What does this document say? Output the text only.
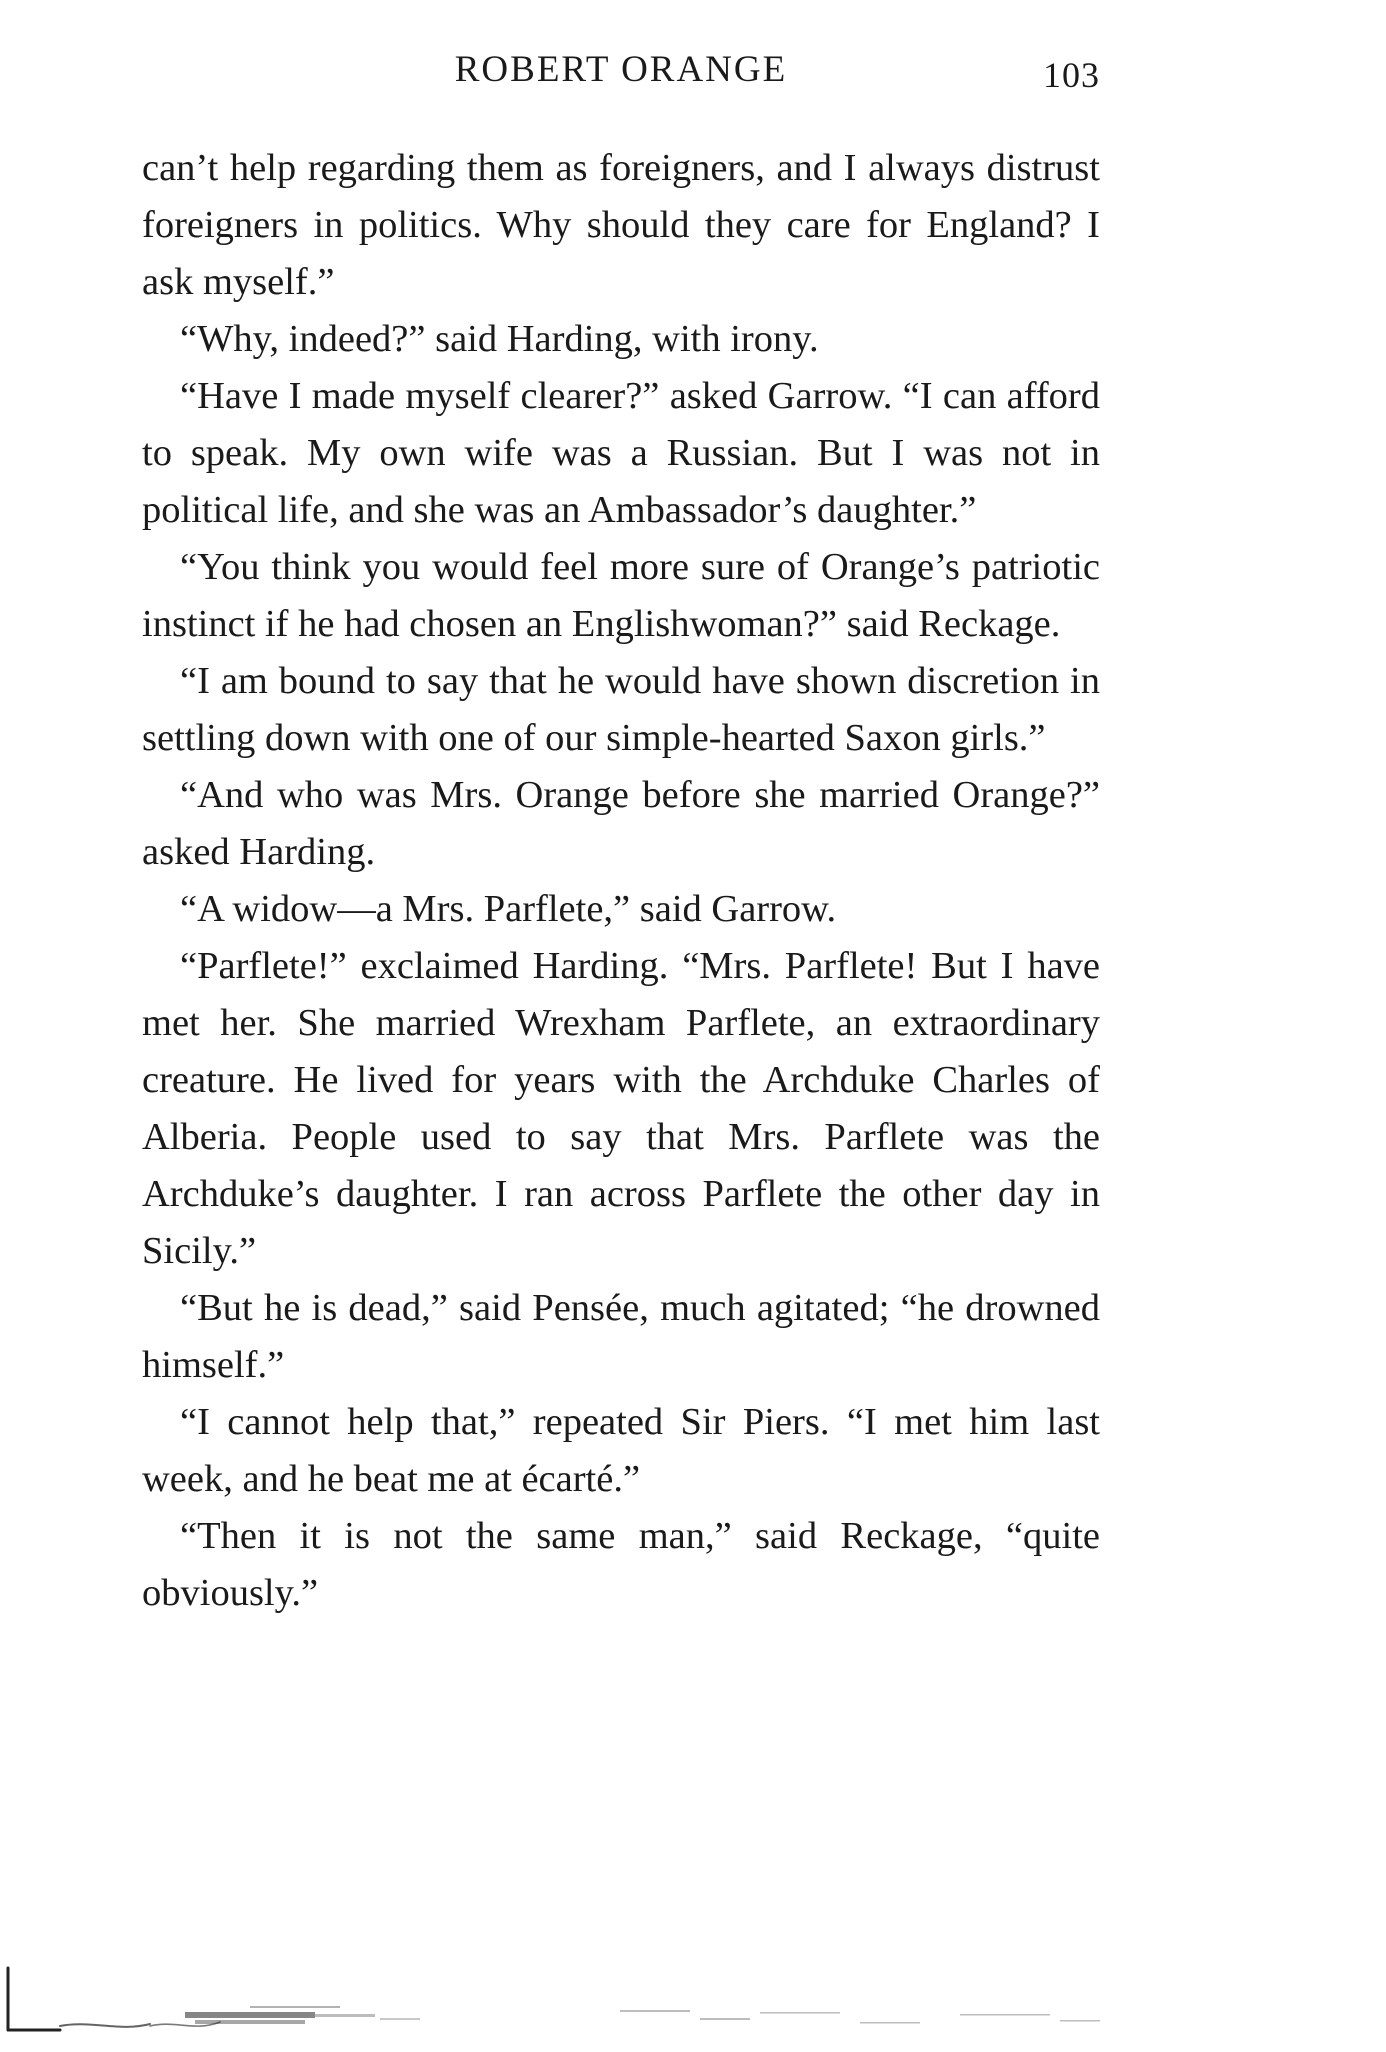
ROBERT ORANGE	103

can’t help regarding them as foreigners, and I always distrust foreigners in politics. Why should they care for England? I ask myself.”

“Why, indeed?” said Harding, with irony.

“Have I made myself clearer?” asked Garrow. “I can afford to speak. My own wife was a Russian. But I was not in political life, and she was an Ambassador’s daughter.”

“You think you would feel more sure of Orange’s patriotic instinct if he had chosen an Englishwoman?” said Reckage.

“I am bound to say that he would have shown discretion in settling down with one of our simple-hearted Saxon girls.”

“And who was Mrs. Orange before she married Orange?” asked Harding.

“A widow—a Mrs. Parflete,” said Garrow.

“Parflete!” exclaimed Harding. “Mrs. Parflete! But I have met her. She married Wrexham Parflete, an extraordinary creature. He lived for years with the Archduke Charles of Alberia. People used to say that Mrs. Parflete was the Archduke’s daughter. I ran across Parflete the other day in Sicily.”

“But he is dead,” said Pensée, much agitated; “he drowned himself.”

“I cannot help that,” repeated Sir Piers. “I met him last week, and he beat me at écarté.”

“Then it is not the same man,” said Reckage, “quite obviously.”
